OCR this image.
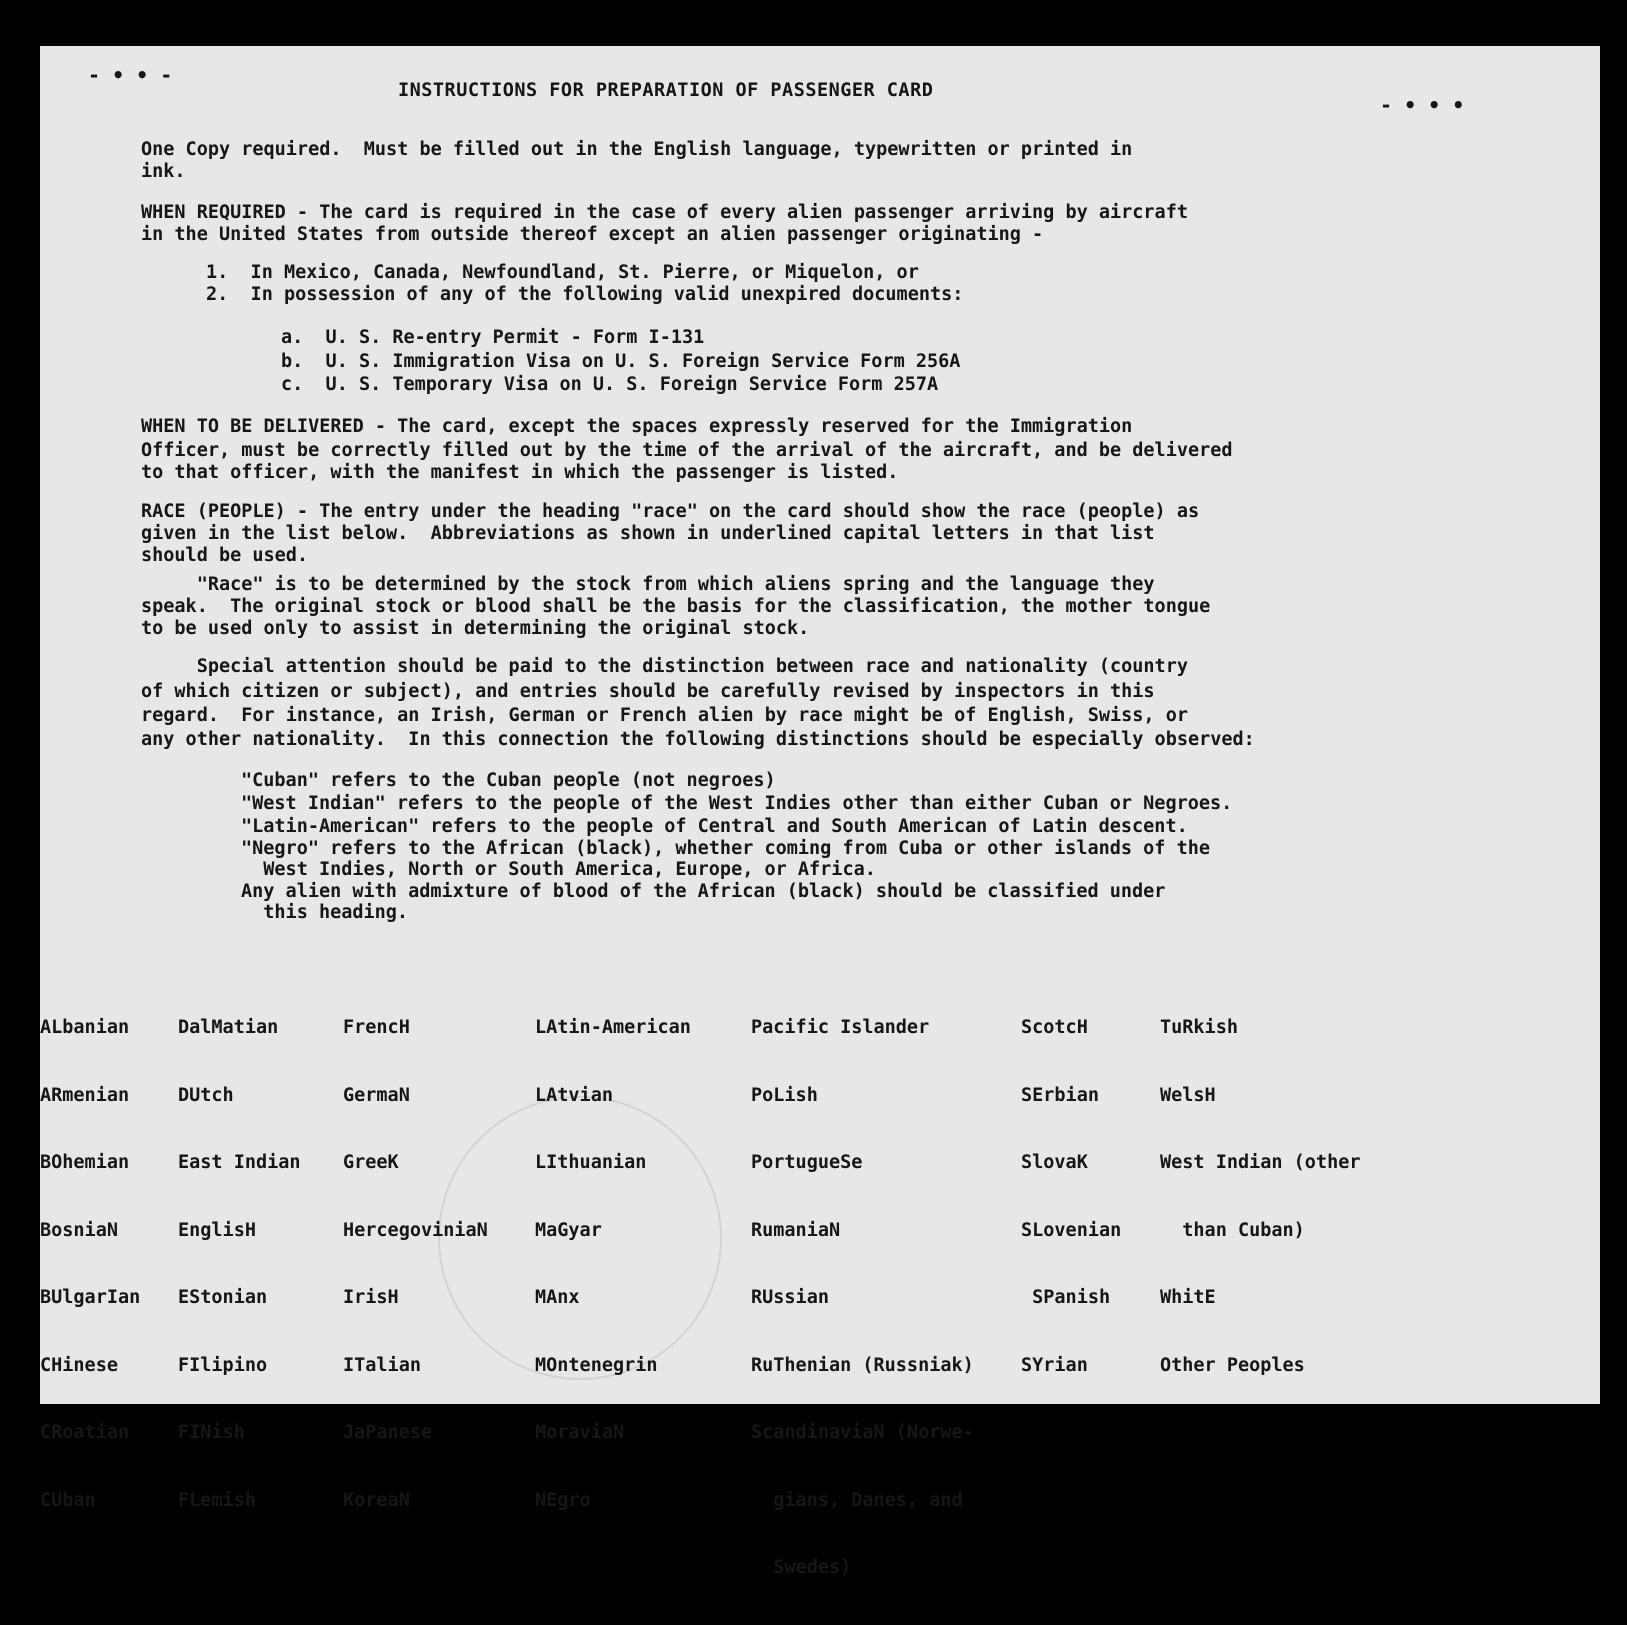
- • • -
- • • •
INSTRUCTIONS FOR PREPARATION OF PASSENGER CARD
One Copy required.  Must be filled out in the English language, typewritten or printed in
ink.
WHEN REQUIRED - The card is required in the case of every alien passenger arriving by aircraft
in the United States from outside thereof except an alien passenger originating -
1.  In Mexico, Canada, Newfoundland, St. Pierre, or Miquelon, or
2.  In possession of any of the following valid unexpired documents:
a.  U. S. Re-entry Permit - Form I-131
b.  U. S. Immigration Visa on U. S. Foreign Service Form 256A
c.  U. S. Temporary Visa on U. S. Foreign Service Form 257A
WHEN TO BE DELIVERED - The card, except the spaces expressly reserved for the Immigration
Officer, must be correctly filled out by the time of the arrival of the aircraft, and be delivered
to that officer, with the manifest in which the passenger is listed.
RACE (PEOPLE) - The entry under the heading "race" on the card should show the race (people) as
given in the list below.  Abbreviations as shown in underlined capital letters in that list
should be used.
"Race" is to be determined by the stock from which aliens spring and the language they
speak.  The original stock or blood shall be the basis for the classification, the mother tongue
to be used only to assist in determining the original stock.
Special attention should be paid to the distinction between race and nationality (country
of which citizen or subject), and entries should be carefully revised by inspectors in this
regard.  For instance, an Irish, German or French alien by race might be of English, Swiss, or
any other nationality.  In this connection the following distinctions should be especially observed:
"Cuban" refers to the Cuban people (not negroes)
"West Indian" refers to the people of the West Indies other than either Cuban or Negroes.
"Latin-American" refers to the people of Central and South American of Latin descent.
"Negro" refers to the African (black), whether coming from Cuba or other islands of the
West Indies, North or South America, Europe, or Africa.
Any alien with admixture of blood of the African (black) should be classified under
this heading.

ALbanian

ARmenian

BOhemian

BosniaN

BUlgarIan

CHinese

CRoatian

CUban

DalMatian

DUtch

East Indian

EnglisH

EStonian

FIlipino

FINish

FLemish

FrencH

GermaN

GreeK

HercegoviniaN

IrisH

ITalian

JaPanese

KoreaN

LAtin-American

LAtvian

LIthuanian

MaGyar

MAnx

MOntenegrin

MoraviaN

NEgro

Pacific Islander

PoLish

PortugueSe

RumaniaN

RUssian

RuThenian (Russniak)

ScandinaviaN (Norwe-

gians, Danes, and

Swedes)

ScotcH

SErbian

SlovaK

SLovenian

SPanish

SYrian

TuRkish

WelsH

West Indian (other

than Cuban)

WhitE

Other Peoples
